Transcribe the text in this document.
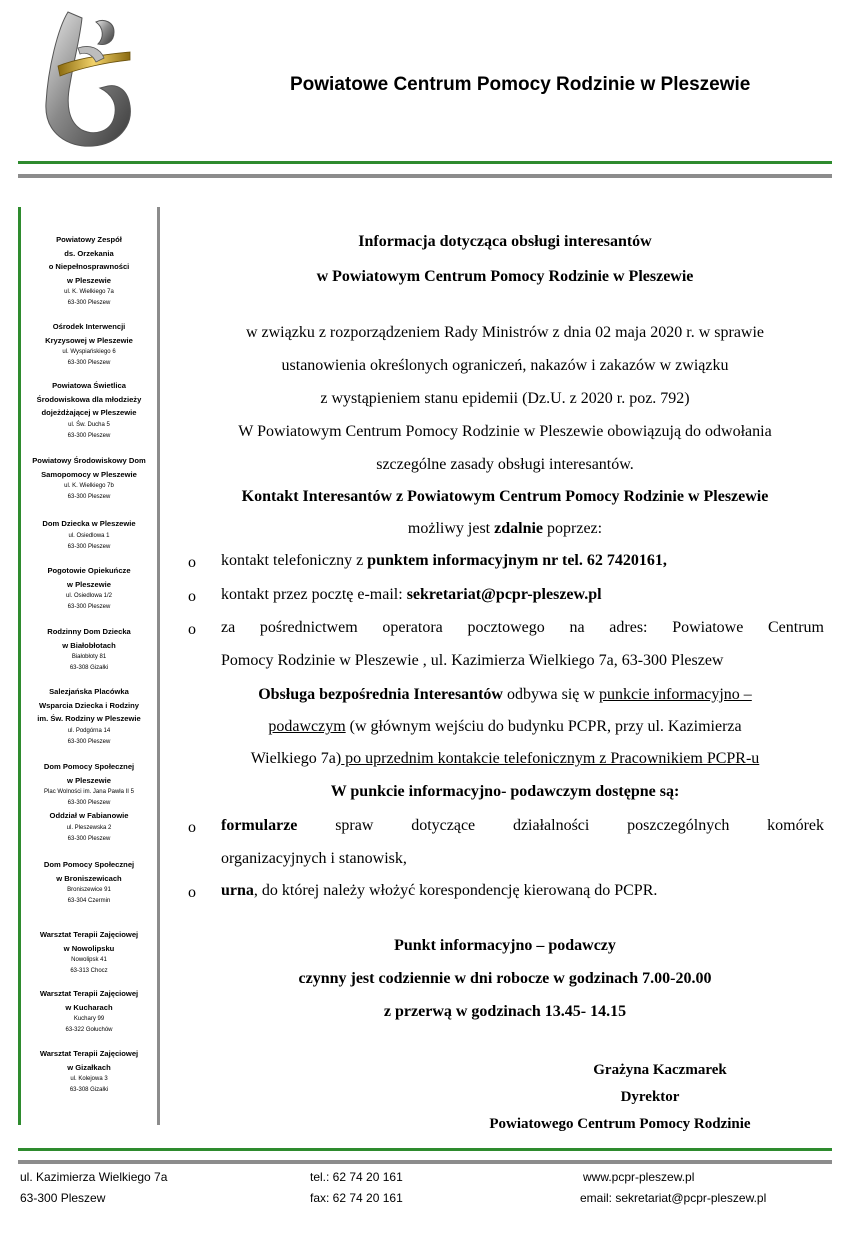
Powiatowe Centrum Pomocy Rodzinie w Pleszewie
Powiatowy Zespół
ds. Orzekania
o Niepełnosprawności
w Pleszewie
ul. K. Wielkiego 7a
63-300 Pleszew
Ośrodek Interwencji
Kryzysowej w Pleszewie
ul. Wyspiańskiego 6
63-300 Pleszew
Powiatowa Świetlica
Środowiskowa dla młodzieży
dojeżdżającej w Pleszewie
ul. Św. Ducha 5
63-300 Pleszew
Powiatowy Środowiskowy Dom
Samopomocy w Pleszewie
ul. K. Wielkiego 7b
63-300 Pleszew
Dom Dziecka w Pleszewie
ul. Osiedlowa 1
63-300 Pleszew
Pogotowie Opiekuńcze
w Pleszewie
ul. Osiedlowa 1/2
63-300 Pleszew
Rodzinny Dom Dziecka
w Białobłotach
Białobłoty 81
63-308 Gizałki
Salezjańska Placówka
Wsparcia Dziecka i Rodziny
im. Św. Rodziny w Pleszewie
ul. Podgórna 14
63-300 Pleszew
Dom Pomocy Społecznej
w Pleszewie
Plac Wolności im. Jana Pawła II 5
63-300 Pleszew
Oddział w Fabianowie
ul. Pleszewska 2
63-300 Pleszew
Dom Pomocy Społecznej
w Broniszewicach
Broniszewice 91
63-304 Czermin
Warsztat Terapii Zajęciowej
w Nowolipsku
Nowolipsk 41
63-313 Chocz
Warsztat Terapii Zajęciowej
w Kucharach
Kuchary 99
63-322 Gołuchów
Warsztat Terapii Zajęciowej
w Gizałkach
ul. Kolejowa 3
63-308 Gizałki
Informacja dotycząca obsługi interesantów
w Powiatowym Centrum Pomocy Rodzinie w Pleszewie
w związku z rozporządzeniem Rady Ministrów z dnia 02 maja 2020 r. w sprawie
ustanowienia określonych ograniczeń, nakazów i zakazów w związku
z wystąpieniem stanu epidemii (Dz.U. z 2020 r. poz. 792)
W Powiatowym Centrum Pomocy Rodzinie w Pleszewie obowiązują do odwołania
szczególne zasady obsługi interesantów.
Kontakt Interesantów z Powiatowym Centrum Pomocy Rodzinie w Pleszewie
możliwy jest zdalnie poprzez:
o kontakt telefoniczny z punktem informacyjnym nr tel. 62 7420161,
o kontakt przez pocztę e-mail: sekretariat@pcpr-pleszew.pl
o za pośrednictwem operatora pocztowego na adres: Powiatowe Centrum
Pomocy Rodzinie w Pleszewie , ul. Kazimierza Wielkiego 7a, 63-300 Pleszew
Obsługa bezpośrednia Interesantów odbywa się w punkcie informacyjno –
podawczym (w głównym wejściu do budynku PCPR, przy ul. Kazimierza
Wielkiego 7a) po uprzednim kontakcie telefonicznym z Pracownikiem PCPR-u
W punkcie informacyjno- podawczym dostępne są:
o formularze spraw dotyczące działalności poszczególnych komórek
organizacyjnych i stanowisk,
o urna, do której należy włożyć korespondencję kierowaną do PCPR.
Punkt informacyjno – podawczy
czynny jest codziennie w dni robocze w godzinach 7.00-20.00
z przerwą w godzinach 13.45- 14.15
Grażyna Kaczmarek
Dyrektor
Powiatowego Centrum Pomocy Rodzinie
ul. Kazimierza Wielkiego 7a
63-300 Pleszew
tel.: 62 74 20 161
fax: 62 74 20 161
www.pcpr-pleszew.pl
email: sekretariat@pcpr-pleszew.pl
